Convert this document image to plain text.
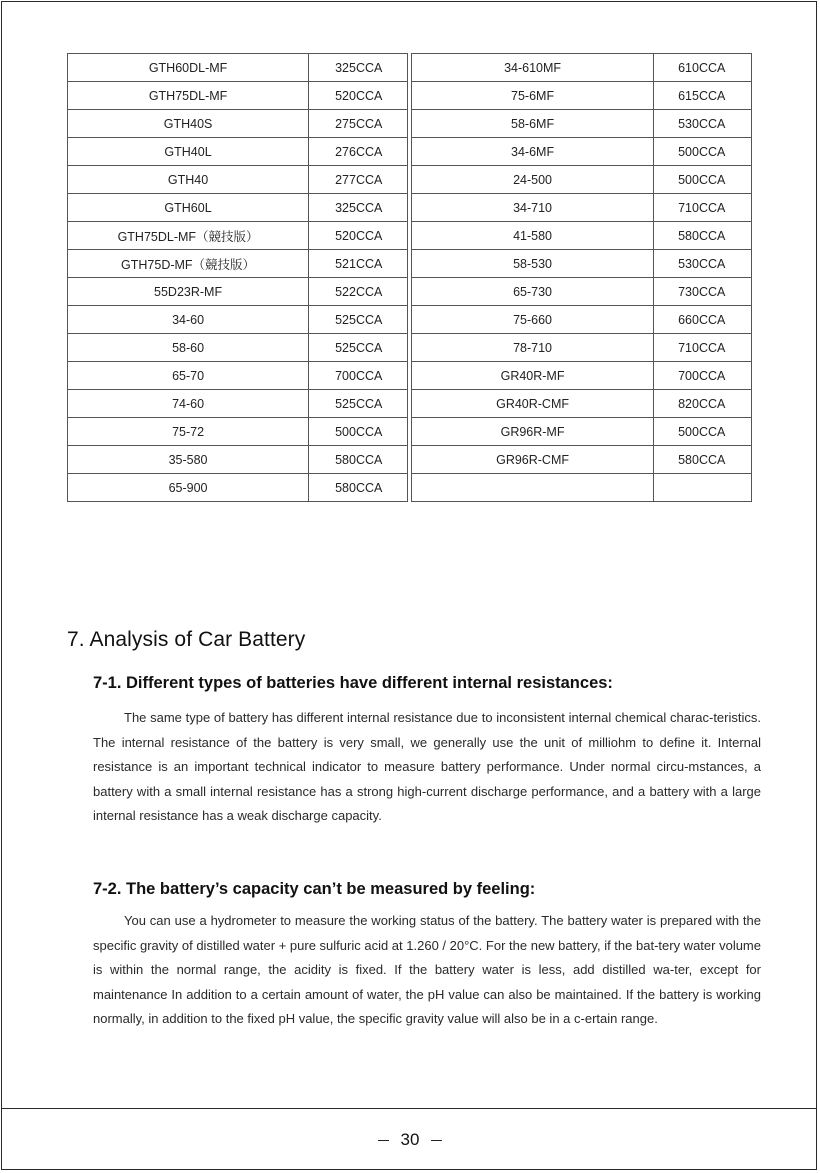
GTH60DL-MF	325CCA
GTH75DL-MF	520CCA
GTH40S	275CCA
GTH40L	276CCA
GTH40	277CCA
GTH60L	325CCA
GTH75DL-MF（競技版）	520CCA
GTH75D-MF（競技版）	521CCA
55D23R-MF	522CCA
34-60	525CCA
58-60	525CCA
65-70	700CCA
74-60	525CCA
75-72	500CCA
35-580	580CCA
65-900	580CCA
34-610MF	610CCA
75-6MF	615CCA
58-6MF	530CCA
34-6MF	500CCA
24-500	500CCA
34-710	710CCA
41-580	580CCA
58-530	530CCA
65-730	730CCA
75-660	660CCA
78-710	710CCA
GR40R-MF	700CCA
GR40R-CMF	820CCA
GR96R-MF	500CCA
GR96R-CMF	580CCA

7. Analysis of Car Battery
7-1. Different types of batteries have different internal resistances:

The same type of battery has different internal resistance due to inconsistent internal chemical charac-teristics. The internal resistance of the battery is very small, we generally use the unit of milliohm to define it. Internal resistance is an important technical indicator to measure battery performance. Under normal circu-mstances, a battery with a small internal resistance has a strong high-current discharge performance, and a battery with a large internal resistance has a weak discharge capacity.

7-2. The battery’s capacity can’t be measured by feeling:

You can use a hydrometer to measure the working status of the battery. The battery water is prepared with the specific gravity of distilled water + pure sulfuric acid at 1.260 / 20°C. For the new battery, if the bat-tery water volume is within the normal range, the acidity is fixed. If the battery water is less, add distilled wa-ter, except for maintenance In addition to a certain amount of water, the pH value can also be maintained. If the battery is working normally, in addition to the fixed pH value, the specific gravity value will also be in a c-ertain range.

30
